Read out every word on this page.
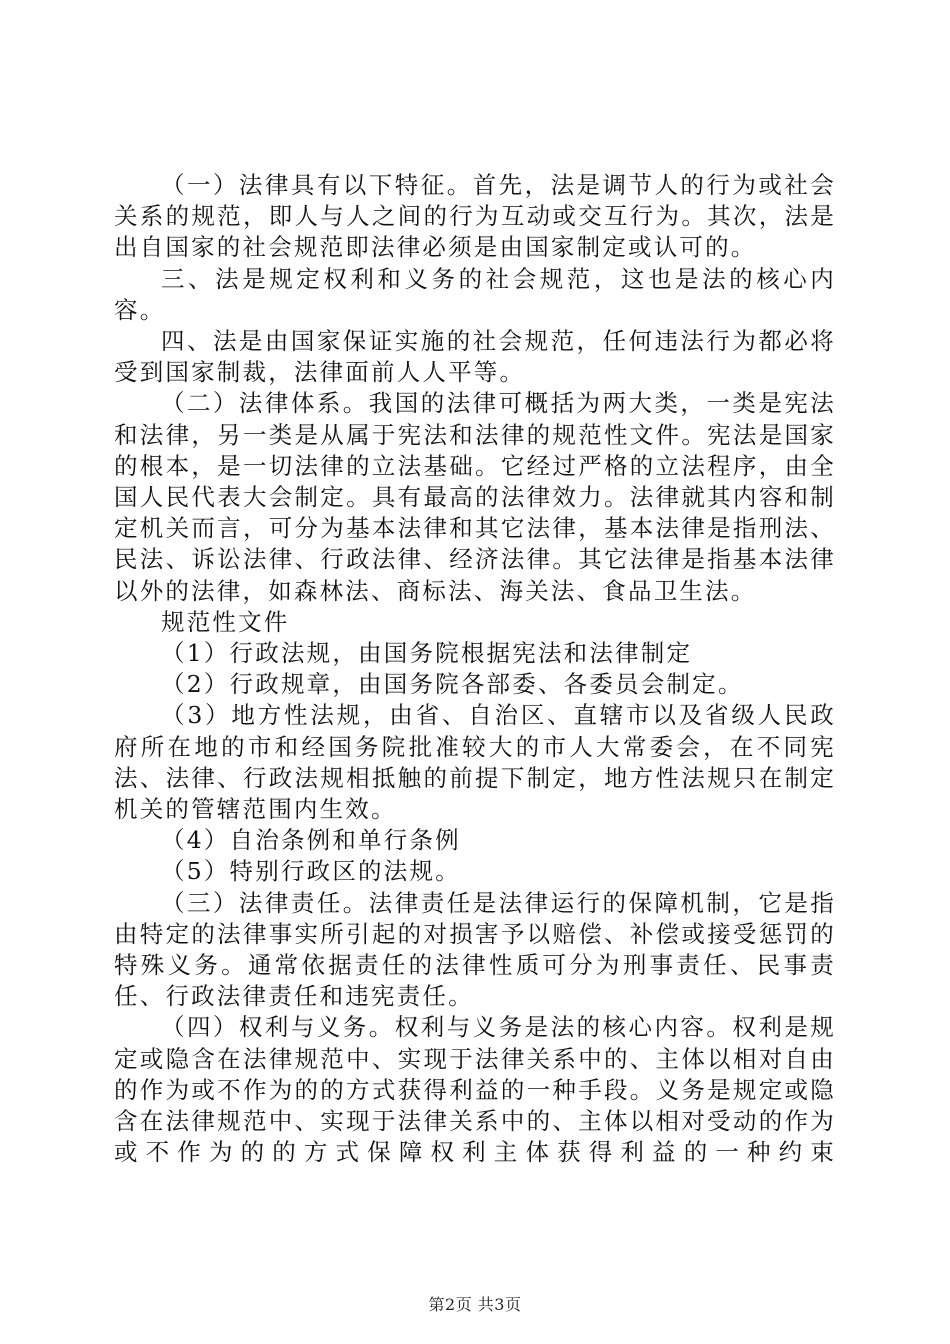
（一）法律具有以下特征。首先，法是调节人的行为或社会关系的规范，即人与人之间的行为互动或交互行为。其次，法是出自国家的社会规范即法律必须是由国家制定或认可的。

三、法是规定权利和义务的社会规范，这也是法的核心内容。

四、法是由国家保证实施的社会规范，任何违法行为都必将受到国家制裁，法律面前人人平等。

（二）法律体系。我国的法律可概括为两大类，一类是宪法和法律，另一类是从属于宪法和法律的规范性文件。宪法是国家的根本，是一切法律的立法基础。它经过严格的立法程序，由全国人民代表大会制定。具有最高的法律效力。法律就其内容和制定机关而言，可分为基本法律和其它法律，基本法律是指刑法、民法、诉讼法律、行政法律、经济法律。其它法律是指基本法律以外的法律，如森林法、商标法、海关法、食品卫生法。

规范性文件

（1）行政法规，由国务院根据宪法和法律制定

（2）行政规章，由国务院各部委、各委员会制定。

（3）地方性法规，由省、自治区、直辖市以及省级人民政府所在地的市和经国务院批准较大的市人大常委会，在不同宪法、法律、行政法规相抵触的前提下制定，地方性法规只在制定机关的管辖范围内生效。

（4）自治条例和单行条例

（5）特别行政区的法规。

（三）法律责任。法律责任是法律运行的保障机制，它是指由特定的法律事实所引起的对损害予以赔偿、补偿或接受惩罚的特殊义务。通常依据责任的法律性质可分为刑事责任、民事责任、行政法律责任和违宪责任。

（四）权利与义务。权利与义务是法的核心内容。权利是规定或隐含在法律规范中、实现于法律关系中的、主体以相对自由的作为或不作为的的方式获得利益的一种手段。义务是规定或隐含在法律规范中、实现于法律关系中的、主体以相对受动的作为或不作为的的方式保障权利主体获得利益的一种约束

第2页 共3页
